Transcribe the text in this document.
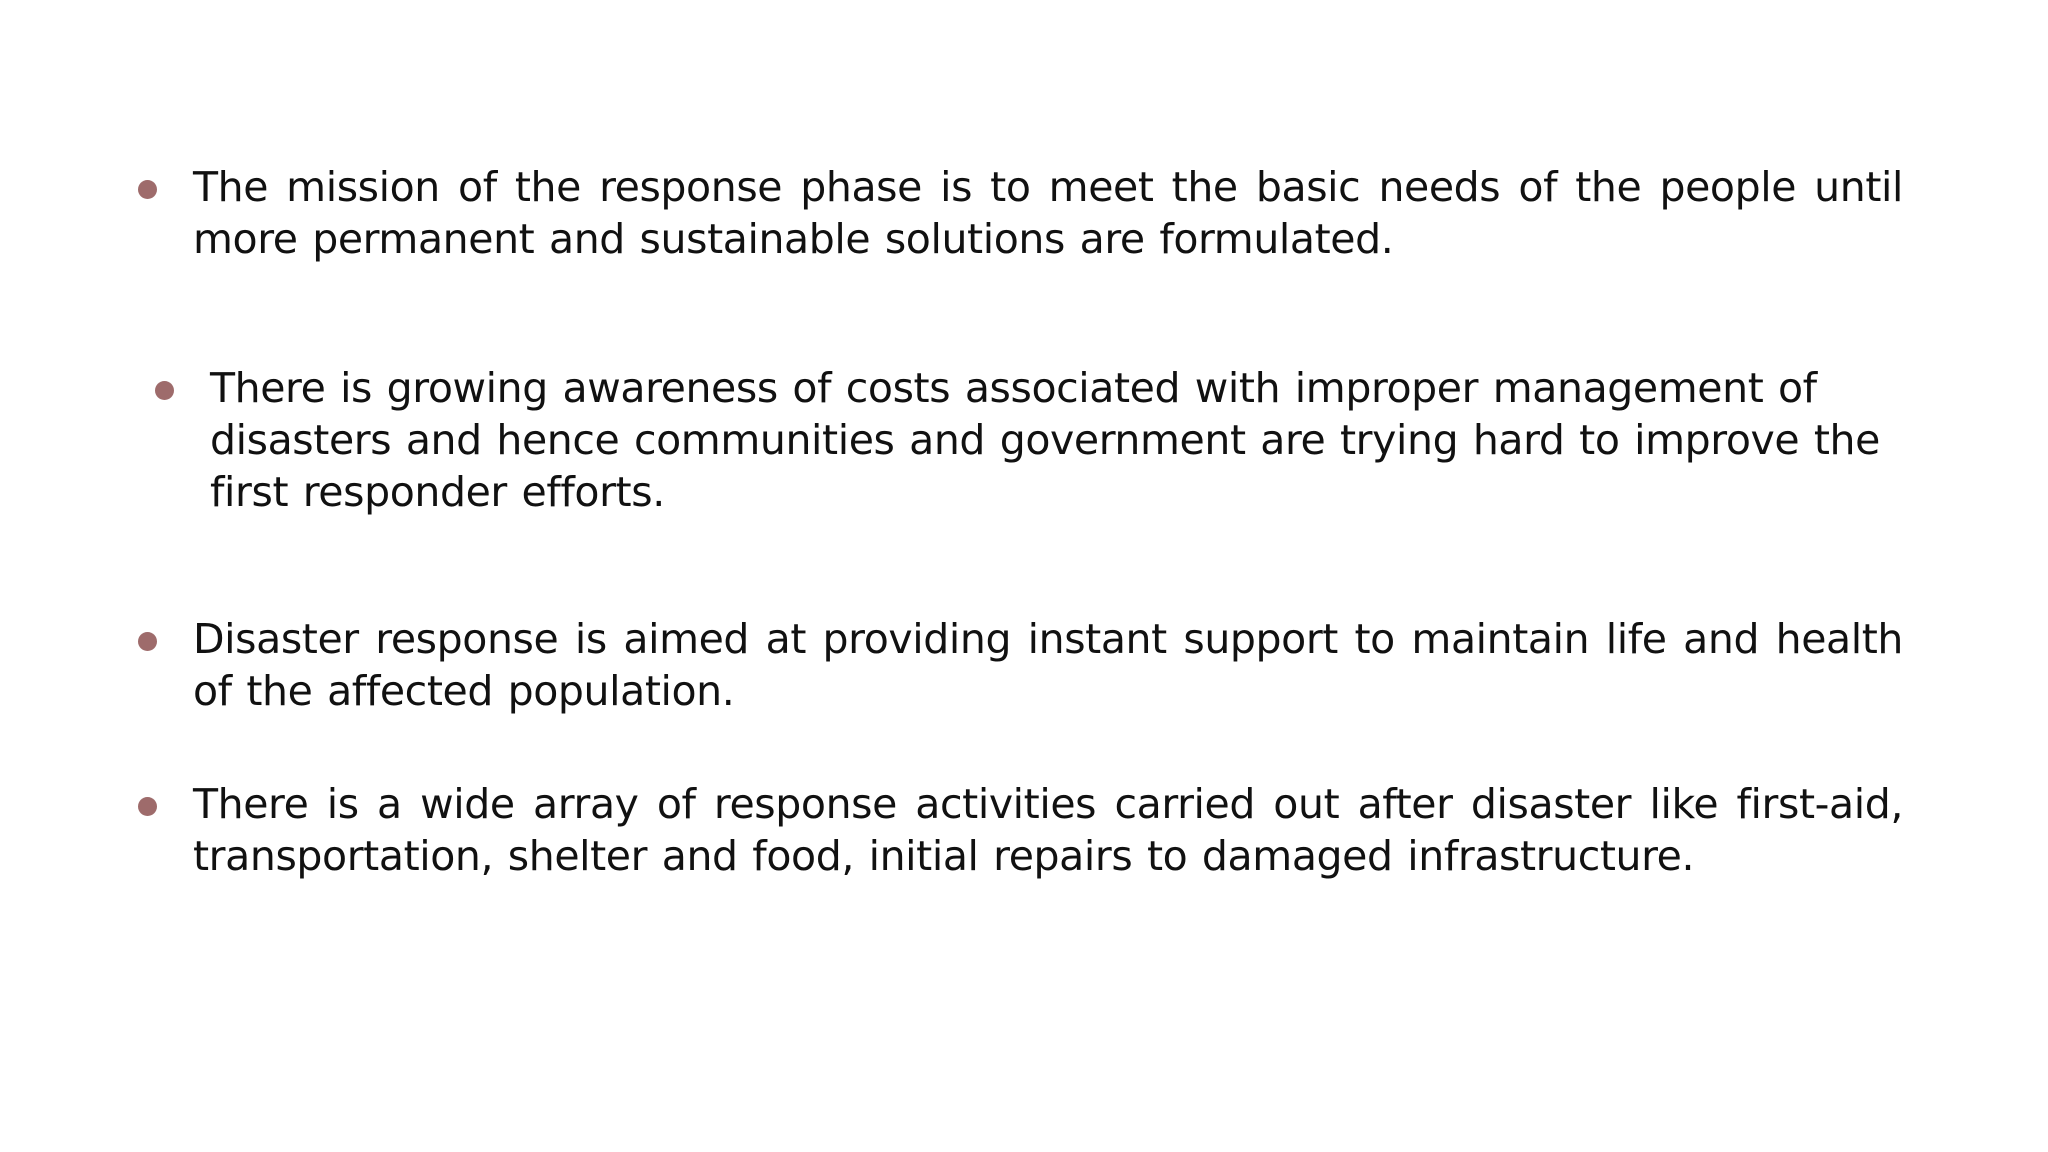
The mission of the response phase is to meet the basic needs of the people until more permanent and sustainable solutions are formulated.
There is growing awareness of costs associated with improper management of disasters and hence communities and government are trying hard to improve the first responder efforts.
Disaster response is aimed at providing instant support to maintain life and health of the affected population.
There is a wide array of response activities carried out after disaster like first-aid, transportation, shelter and food, initial repairs to damaged infrastructure.
